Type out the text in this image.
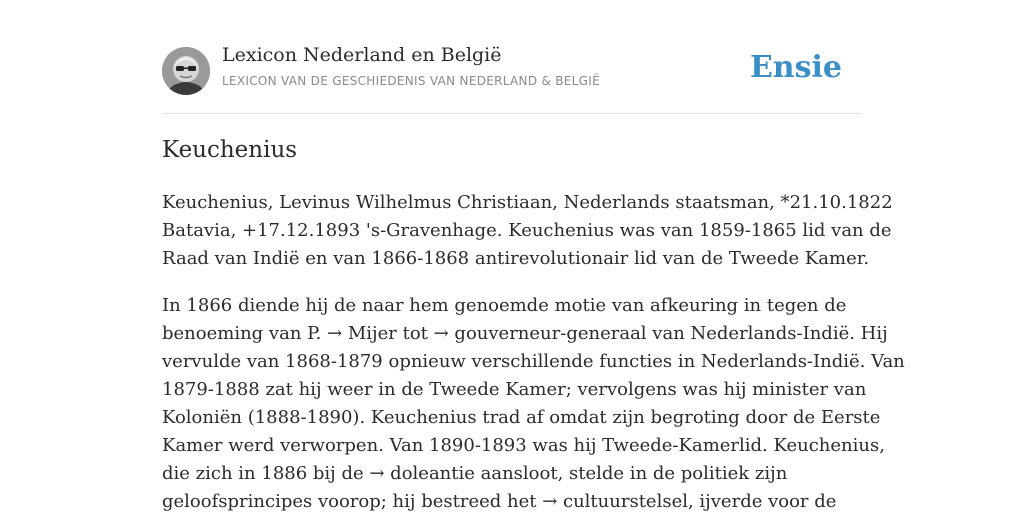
Lexicon Nederland en België
LEXICON VAN DE GESCHIEDENIS VAN NEDERLAND & BELGIË	Ensie
Keuchenius

Keuchenius, Levinus Wilhelmus Christiaan, Nederlands staatsman, *21.10.1822
Batavia, +17.12.1893 's-Gravenhage. Keuchenius was van 1859-1865 lid van de
Raad van Indië en van 1866-1868 antirevolutionair lid van de Tweede Kamer.

In 1866 diende hij de naar hem genoemde motie van afkeuring in tegen de
benoeming van P. → Mijer tot → gouverneur-generaal van Nederlands-Indië. Hij
vervulde van 1868-1879 opnieuw verschillende functies in Nederlands-Indië. Van
1879-1888 zat hij weer in de Tweede Kamer; vervolgens was hij minister van
Koloniën (1888-1890). Keuchenius trad af omdat zijn begroting door de Eerste
Kamer werd verworpen. Van 1890-1893 was hij Tweede-Kamerlid. Keuchenius,
die zich in 1886 bij de → doleantie aansloot, stelde in de politiek zijn
geloofsprincipes voorop; hij bestreed het → cultuurstelsel, ijverde voor de
